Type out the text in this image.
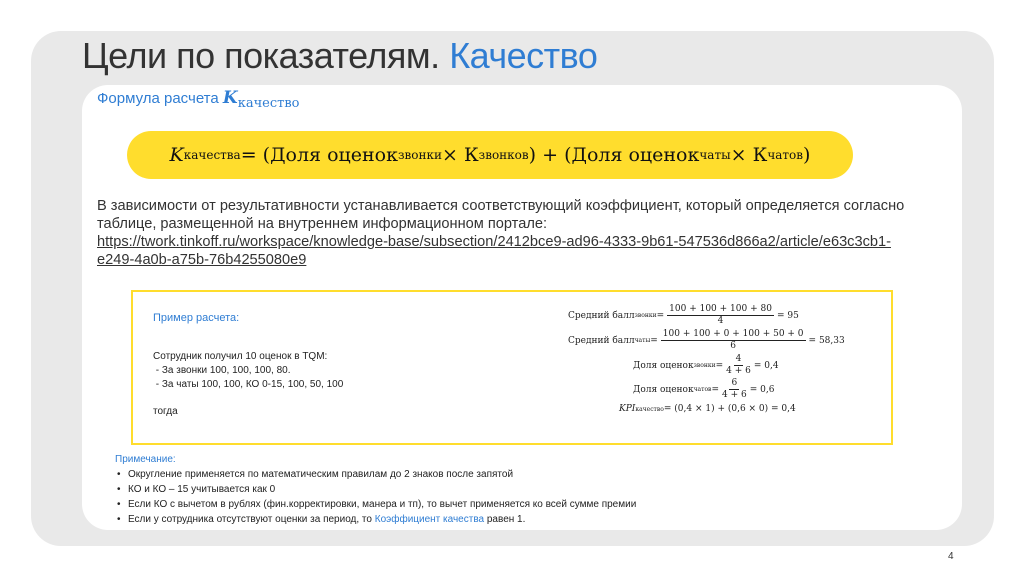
Цели по показателям. Качество
Формула расчета Kкачество
K качества = (Доля оценок звонки × К звонков ) + (Доля оценок чаты × К чатов )
В зависимости от результативности устанавливается соответствующий коэффициент, который определяется согласно таблице, размещенной на внутреннем информационном портале:
https://twork.tinkoff.ru/workspace/knowledge-base/subsection/2412bce9-ad96-4333-9b61-547536d866a2/article/e63c3cb1-e249-4a0b-a75b-76b4255080e9
Пример расчета:
Сотрудник получил 10 оценок в TQM:
- За звонки 100, 100, 100, 80.
- За чаты 100, 100, КО 0-15, 100, 50, 100
тогда
Средний балл звонки = $\frac{100 + 100 + 100 + 80}{4} = 95$
Средний балл чаты = $\frac{100 + 100 + 0 + 100 + 50 + 0}{6} = 58,33$
Доля оценок звонки = $\frac{4}{4 + 6} = 0,4$
Доля оценок чатов = $\frac{6}{4 + 6} = 0,6$
KPI качество = (0,4 × 1) + (0,6 × 0) = 0,4
Примечание:
• Округление применяется по математическим правилам до 2 знаков после запятой
• КО и КО – 15 учитывается как 0
• Если КО с вычетом в рублях (фин.корректировки, манера и тп), то вычет применяется ко всей сумме премии
• Если у сотрудника отсутствуют оценки за период, то Коэффициент качества равен 1.
4
